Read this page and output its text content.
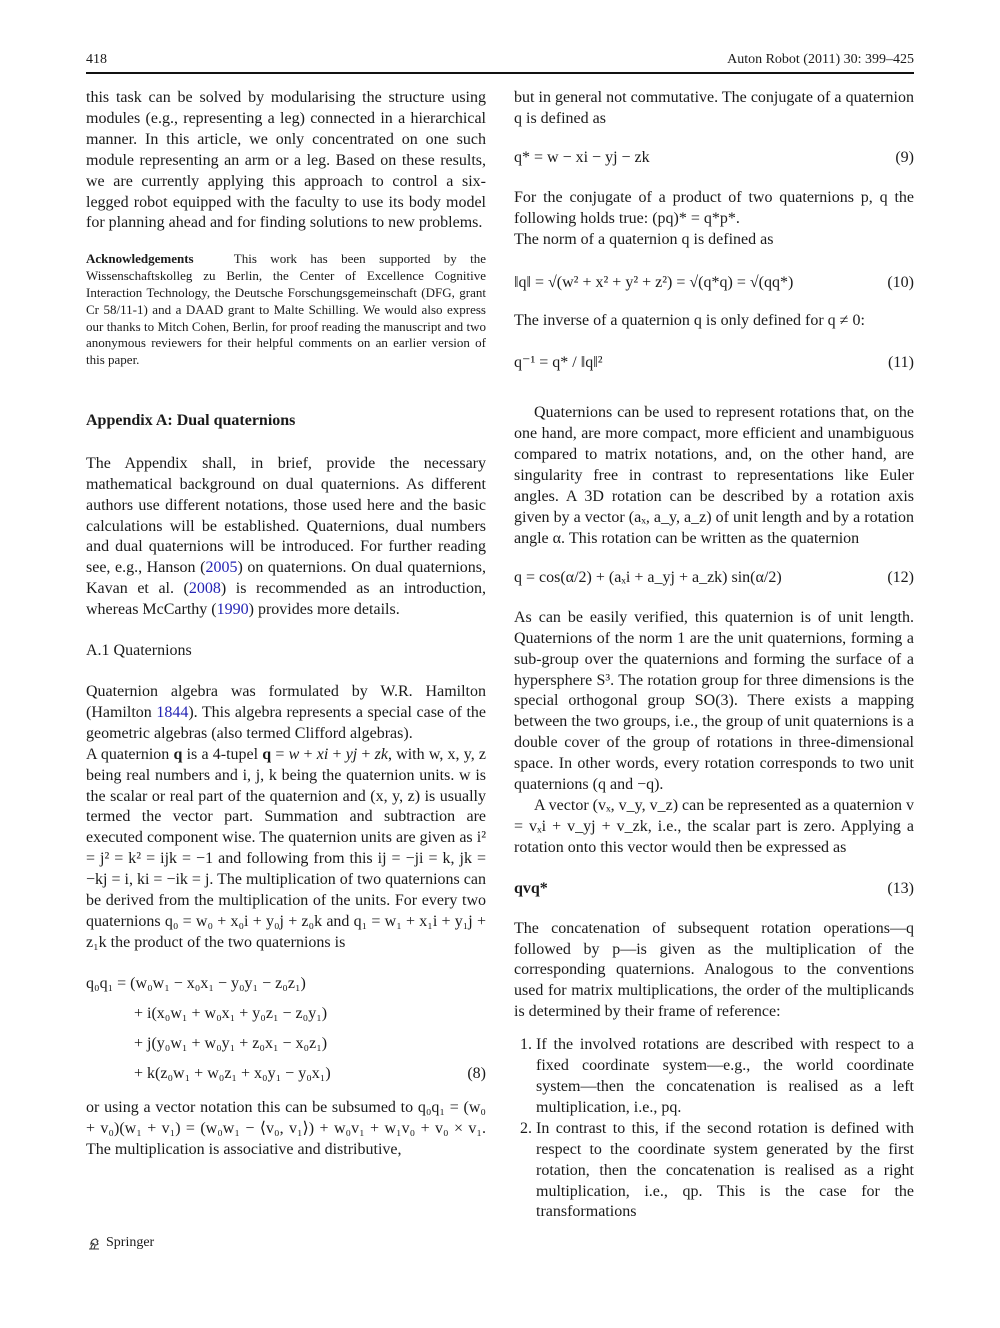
418	Auton Robot (2011) 30: 399–425

this task can be solved by modularising the structure using modules (e.g., representing a leg) connected in a hierarchical manner. In this article, we only concentrated on one such module representing an arm or a leg. Based on these results, we are currently applying this approach to control a six-legged robot equipped with the faculty to use its body model for planning ahead and for finding solutions to new problems.

Acknowledgements	This work has been supported by the Wissenschaftskolleg zu Berlin, the Center of Excellence Cognitive Interaction Technology, the Deutsche Forschungsgemeinschaft (DFG, grant Cr 58/11-1) and a DAAD grant to Malte Schilling. We would also express our thanks to Mitch Cohen, Berlin, for proof reading the manuscript and two anonymous reviewers for their helpful comments on an earlier version of this paper.

Appendix A: Dual quaternions

The Appendix shall, in brief, provide the necessary mathematical background on dual quaternions. As different authors use different notations, those used here and the basic calculations will be established. Quaternions, dual numbers and dual quaternions will be introduced. For further reading see, e.g., Hanson (2005) on quaternions. On dual quaternions, Kavan et al. (2008) is recommended as an introduction, whereas McCarthy (1990) provides more details.

A.1 Quaternions

Quaternion algebra was formulated by W.R. Hamilton (Hamilton 1844). This algebra represents a special case of the geometric algebras (also termed Clifford algebras).

A quaternion q is a 4-tupel q = w + xi + yj + zk, with w, x, y, z being real numbers and i, j, k being the quaternion units. w is the scalar or real part of the quaternion and (x, y, z) is usually termed the vector part. Summation and subtraction are executed component wise. The quaternion units are given as i² = j² = k² = ijk = −1 and following from this ij = −ji = k, jk = −kj = i, ki = −ik = j. The multiplication of two quaternions can be derived from the multiplication of the units. For every two quaternions q₀ = w₀ + x₀i + y₀j + z₀k and q₁ = w₁ + x₁i + y₁j + z₁k the product of the two quaternions is

q₀q₁ = (w₀w₁ − x₀x₁ − y₀y₁ − z₀z₁)
+ i(x₀w₁ + w₀x₁ + y₀z₁ − z₀y₁)
+ j(y₀w₁ + w₀y₁ + z₀x₁ − x₀z₁)
+ k(z₀w₁ + w₀z₁ + x₀y₁ − y₀x₁)	(8)

or using a vector notation this can be subsumed to q₀q₁ = (w₀ + v₀)(w₁ + v₁) = (w₀w₁ − ⟨v₀, v₁⟩) + w₀v₁ + w₁v₀ + v₀ × v₁. The multiplication is associative and distributive,

but in general not commutative. The conjugate of a quaternion q is defined as

q* = w − xi − yj − zk	(9)

For the conjugate of a product of two quaternions p, q the following holds true: (pq)* = q*p*.

The norm of a quaternion q is defined as

‖q‖ = √(w² + x² + y² + z²) = √(q*q) = √(qq*)	(10)

The inverse of a quaternion q is only defined for q ≠ 0:

q⁻¹ = q* / ‖q‖²	(11)

Quaternions can be used to represent rotations that, on the one hand, are more compact, more efficient and unambiguous compared to matrix notations, and, on the other hand, are singularity free in contrast to representations like Euler angles. A 3D rotation can be described by a rotation axis given by a vector (aₓ, a_y, a_z) of unit length and by a rotation angle α. This rotation can be written as the quaternion

q = cos(α/2) + (aₓi + a_yj + a_zk) sin(α/2)	(12)

As can be easily verified, this quaternion is of unit length. Quaternions of the norm 1 are the unit quaternions, forming a sub-group over the quaternions and forming the surface of a hypersphere S³. The rotation group for three dimensions is the special orthogonal group SO(3). There exists a mapping between the two groups, i.e., the group of unit quaternions is a double cover of the group of rotations in three-dimensional space. In other words, every rotation corresponds to two unit quaternions (q and −q).

A vector (vₓ, v_y, v_z) can be represented as a quaternion v = vₓi + v_yj + v_zk, i.e., the scalar part is zero. Applying a rotation onto this vector would then be expressed as

qvq*	(13)

The concatenation of subsequent rotation operations—q followed by p—is given as the multiplication of the corresponding quaternions. Analogous to the conventions used for matrix multiplications, the order of the multiplicands is determined by their frame of reference:

1. If the involved rotations are described with respect to a fixed coordinate system—e.g., the world coordinate system—then the concatenation is realised as a left multiplication, i.e., pq.
2. In contrast to this, if the second rotation is defined with respect to the coordinate system generated by the first rotation, then the concatenation is realised as a right multiplication, i.e., qp. This is the case for the transformations
Springer
